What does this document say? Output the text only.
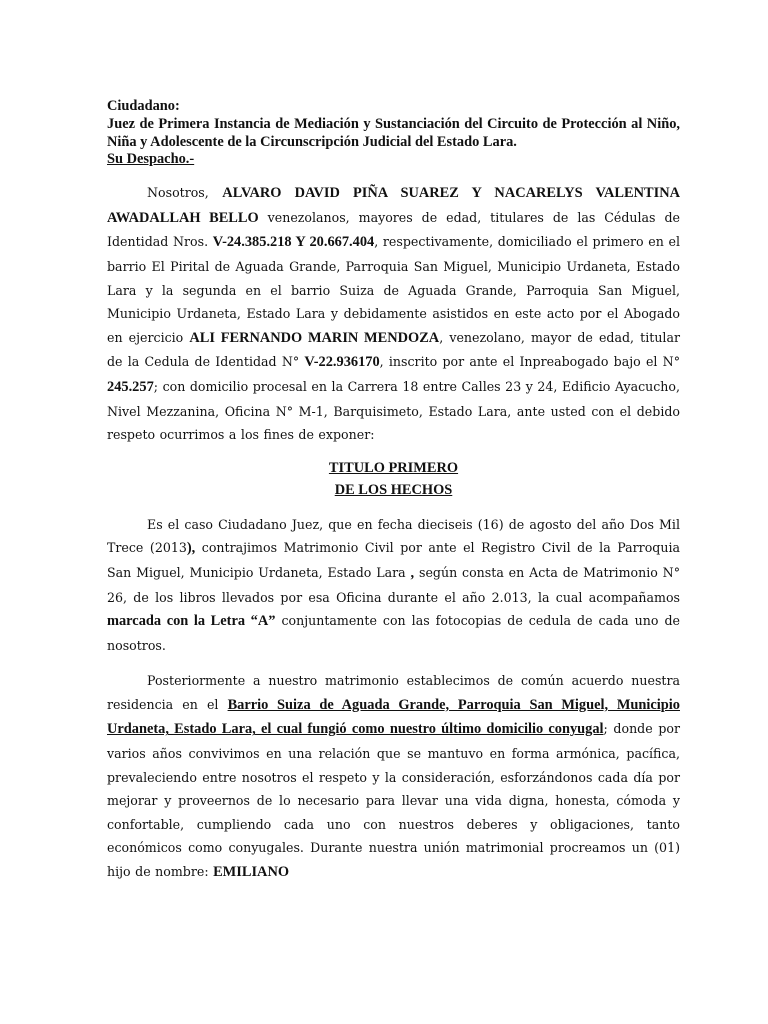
Ciudadano:
Juez de Primera Instancia de Mediación y Sustanciación del Circuito de Protección al Niño, Niña y Adolescente de la Circunscripción Judicial del Estado Lara.
Su Despacho.-

Nosotros, ALVARO DAVID PIÑA SUAREZ Y NACARELYS VALENTINA AWADALLAH BELLO venezolanos, mayores de edad, titulares de las Cédulas de Identidad Nros. V-24.385.218 Y 20.667.404, respectivamente, domiciliado el primero en el barrio El Pirital de Aguada Grande, Parroquia San Miguel, Municipio Urdaneta, Estado Lara y la segunda en el barrio Suiza de Aguada Grande, Parroquia San Miguel, Municipio Urdaneta, Estado Lara y debidamente asistidos en este acto por el Abogado en ejercicio ALI FERNANDO MARIN MENDOZA, venezolano, mayor de edad, titular de la Cedula de Identidad N° V-22.936170, inscrito por ante el Inpreabogado bajo el N° 245.257; con domicilio procesal en la Carrera 18 entre Calles 23 y 24, Edificio Ayacucho, Nivel Mezzanina, Oficina N° M-1, Barquisimeto, Estado Lara, ante usted con el debido respeto ocurrimos a los fines de exponer:

TITULO PRIMERO

DE LOS HECHOS

Es el caso Ciudadano Juez, que en fecha dieciseis (16) de agosto del año Dos Mil Trece (2013), contrajimos Matrimonio Civil por ante el Registro Civil de la Parroquia San Miguel, Municipio Urdaneta, Estado Lara , según consta en Acta de Matrimonio N° 26, de los libros llevados por esa Oficina durante el año 2.013, la cual acompañamos marcada con la Letra “A” conjuntamente con las fotocopias de cedula de cada uno de nosotros.

Posteriormente a nuestro matrimonio establecimos de común acuerdo nuestra residencia en el Barrio Suiza de Aguada Grande, Parroquia San Miguel, Municipio Urdaneta, Estado Lara, el cual fungió como nuestro último domicilio conyugal; donde por varios años convivimos en una relación que se mantuvo en forma armónica, pacífica, prevaleciendo entre nosotros el respeto y la consideración, esforzándonos cada día por mejorar y proveernos de lo necesario para llevar una vida digna, honesta, cómoda y confortable, cumpliendo cada uno con nuestros deberes y obligaciones, tanto económicos como conyugales. Durante nuestra unión matrimonial procreamos un (01) hijo de nombre: EMILIANO
